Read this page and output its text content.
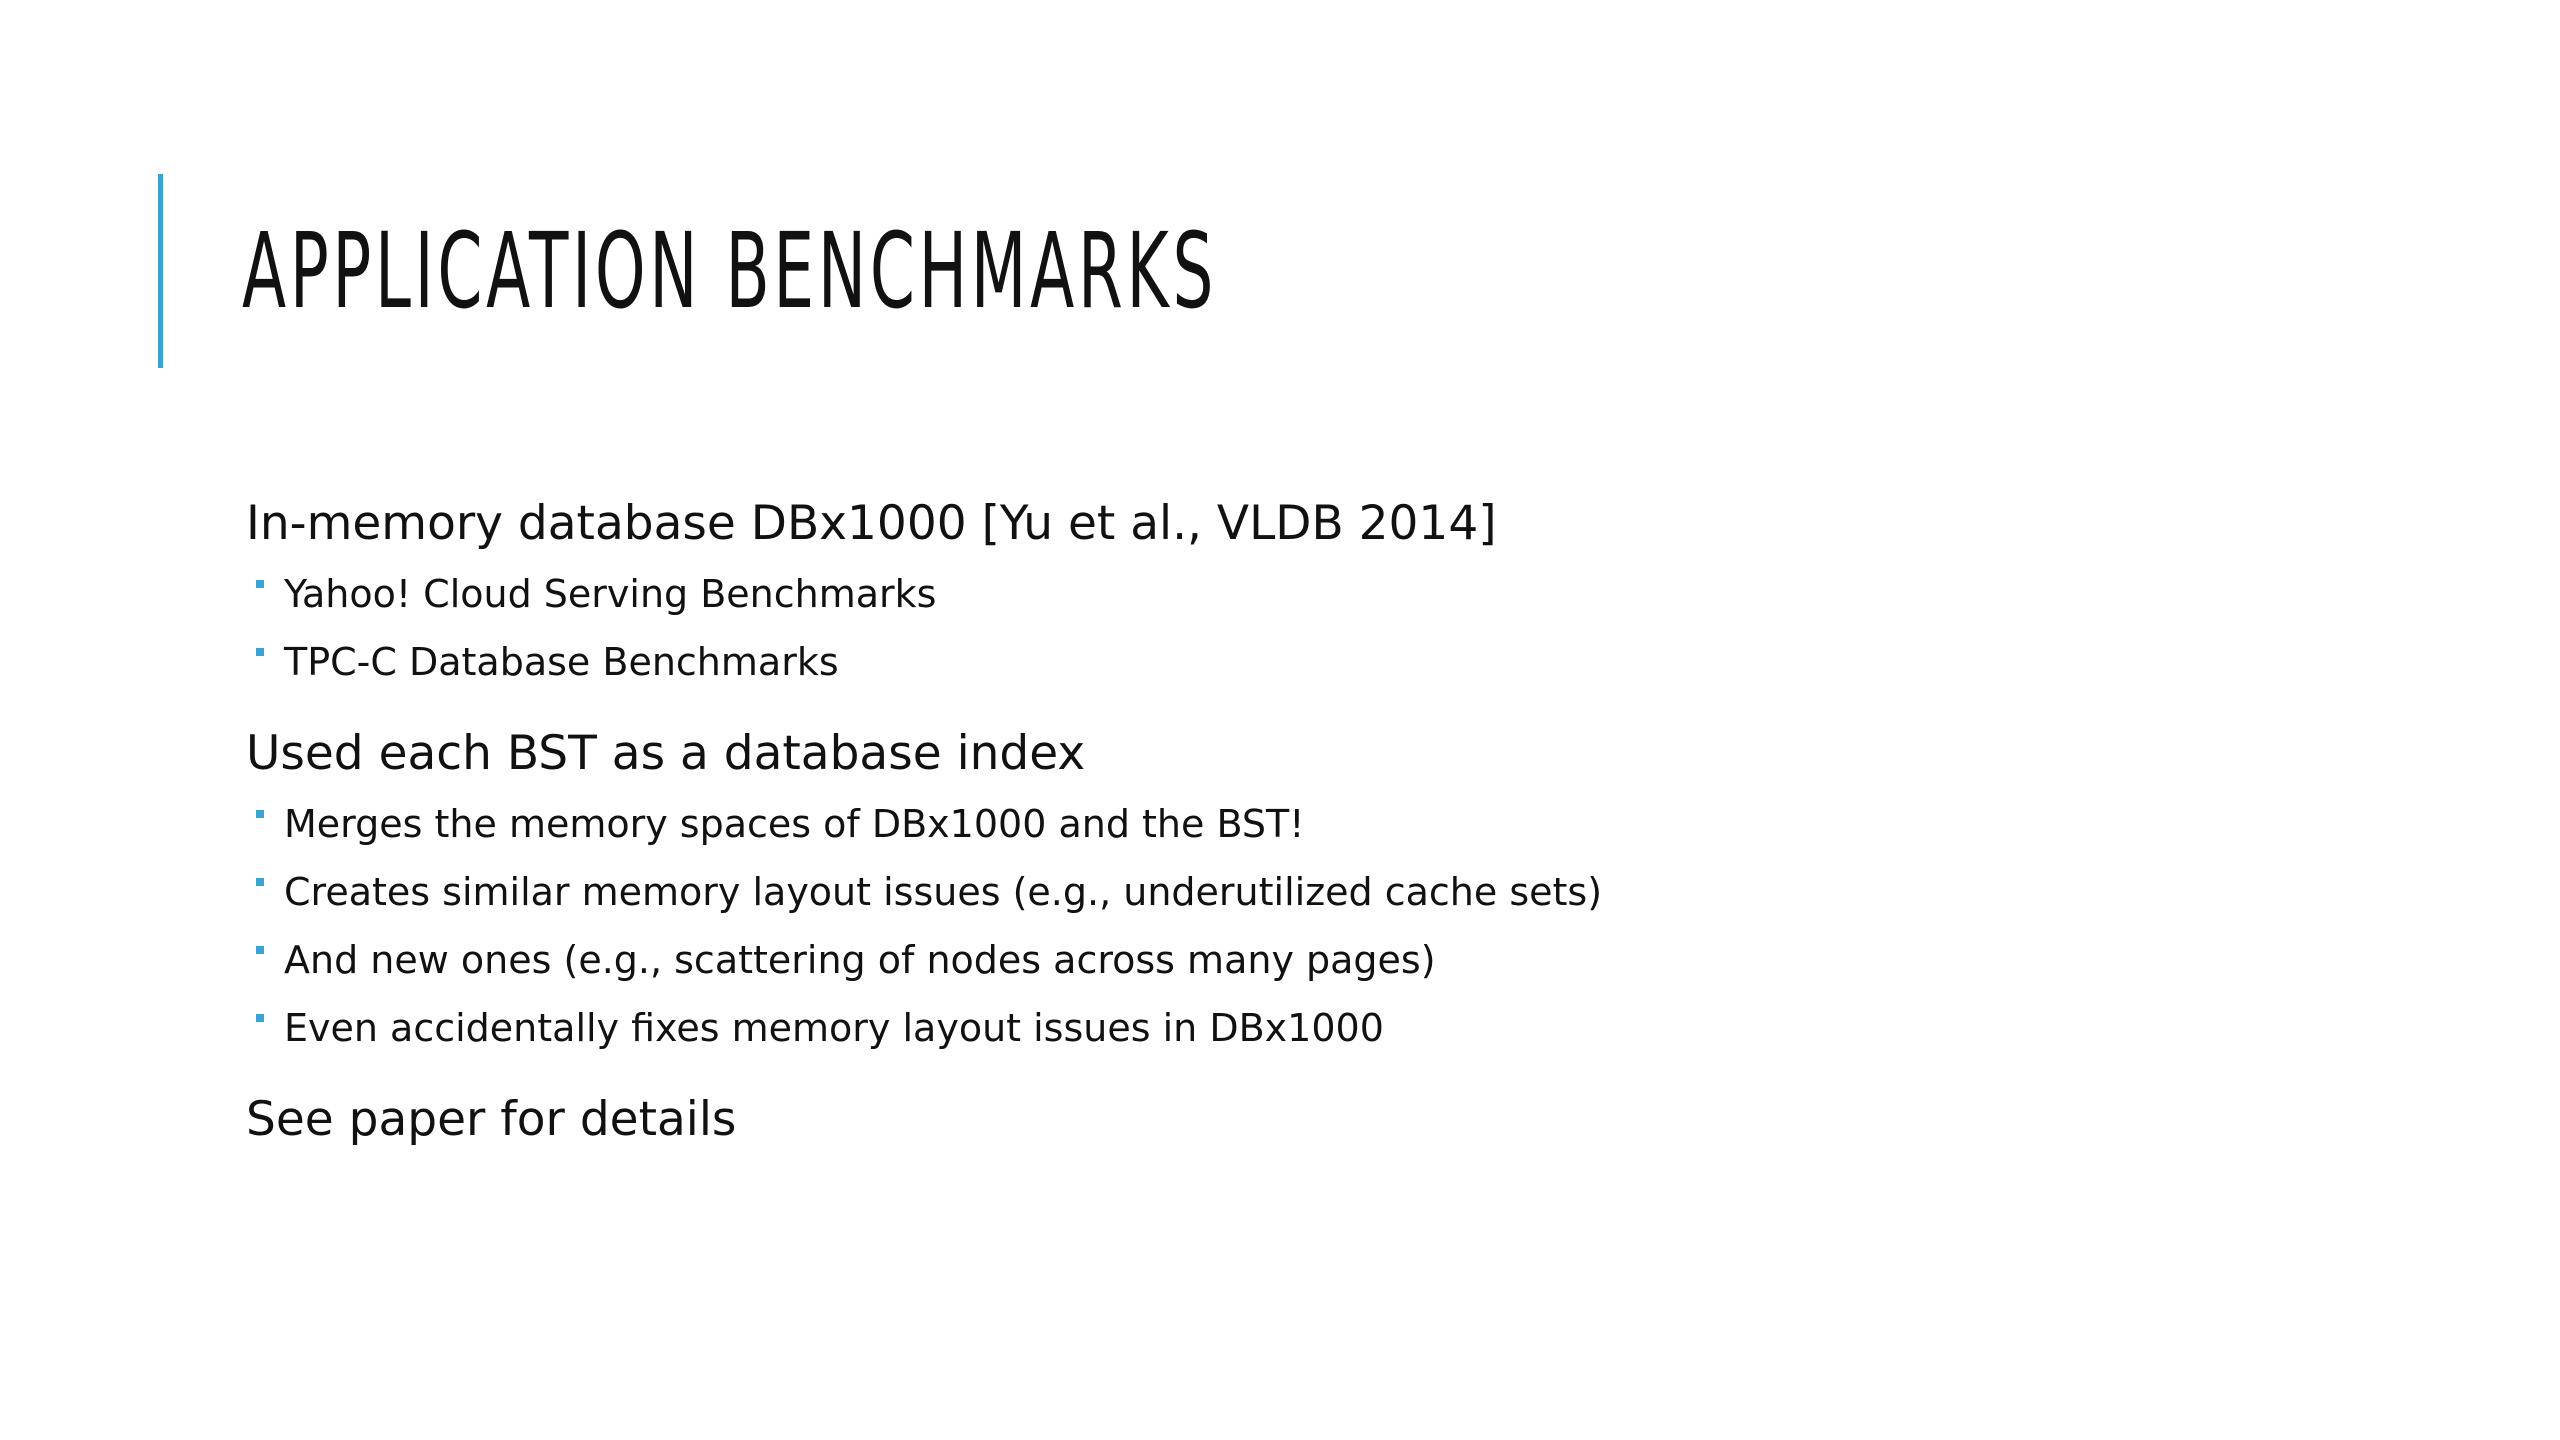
APPLICATION BENCHMARKS
In-memory database DBx1000 [Yu et al., VLDB 2014]
Yahoo! Cloud Serving Benchmarks
TPC-C Database Benchmarks
Used each BST as a database index
Merges the memory spaces of DBx1000 and the BST!
Creates similar memory layout issues (e.g., underutilized cache sets)
And new ones (e.g., scattering of nodes across many pages)
Even accidentally fixes memory layout issues in DBx1000
See paper for details
